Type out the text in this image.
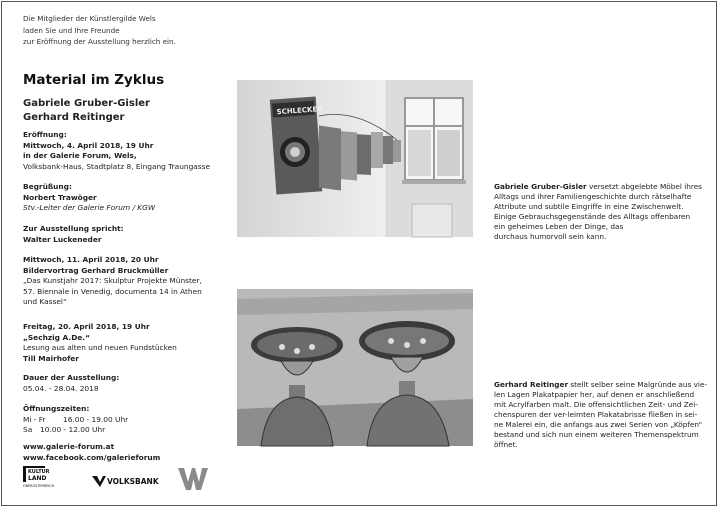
Die Mitglieder der Künstlergilde Wels
laden Sie und Ihre Freunde
zur Eröffnung der Ausstellung herzlich ein.
Material im Zyklus
Gabriele Gruber-Gisler
Gerhard Reitinger
Eröffnung:
Mittwoch, 4. April 2018, 19 Uhr
in der Galerie Forum, Wels,
Volksbank-Haus, Stadtplatz 8, Eingang Traungasse
Begrüßung:
Norbert Trawöger
Stv.-Leiter der Galerie Forum / KGW
Zur Ausstellung spricht:
Walter Luckeneder
Mittwoch, 11. April 2018, 20 Uhr
Bildervortrag Gerhard Bruckmüller
„Das Kunstjahr 2017: Skulptur Projekte Münster,
57. Biennale in Venedig, documenta 14 in Athen
und Kassel“
Freitag, 20. April 2018, 19 Uhr
„Sechzig A.De.“
Lesung aus alten und neuen Fundstücken
Till Mairhofer
Dauer der Ausstellung:
05.04. - 28.04. 2018
Öffnungszeiten:
Mi - Fr	16.00 - 19.00 Uhr
Sa	10.00 - 12.00 Uhr
www.galerie-forum.at
www.facebook.com/galerieforum
KULTUR
LAND
OBERÖSTERREICH	VOLKSBANK
SCHLECKER
Gabriele Gruber-Gisler versetzt abgelebte Möbel ihres
Alltags und ihrer Familiengeschichte durch rätselhafte
Attribute und subtile Eingriffe in eine Zwischenwelt.
Einige Gebrauchsgegenstände des Alltags offenbaren
ein geheimes Leben der Dinge, das
durchaus humorvoll sein kann.
Gerhard Reitinger stellt selber seine Malgründe aus vie-
len Lagen Plakatpapier her, auf denen er anschließend
mit Acrylfarben malt. Die offensichtlichen Zeit- und Zei-
chenspuren der ver-leimten Plakatabrisse fließen in sei-
ne Malerei ein, die anfangs aus zwei Serien von „Köpfen“
bestand und sich nun einem weiteren Themenspektrum
öffnet.
